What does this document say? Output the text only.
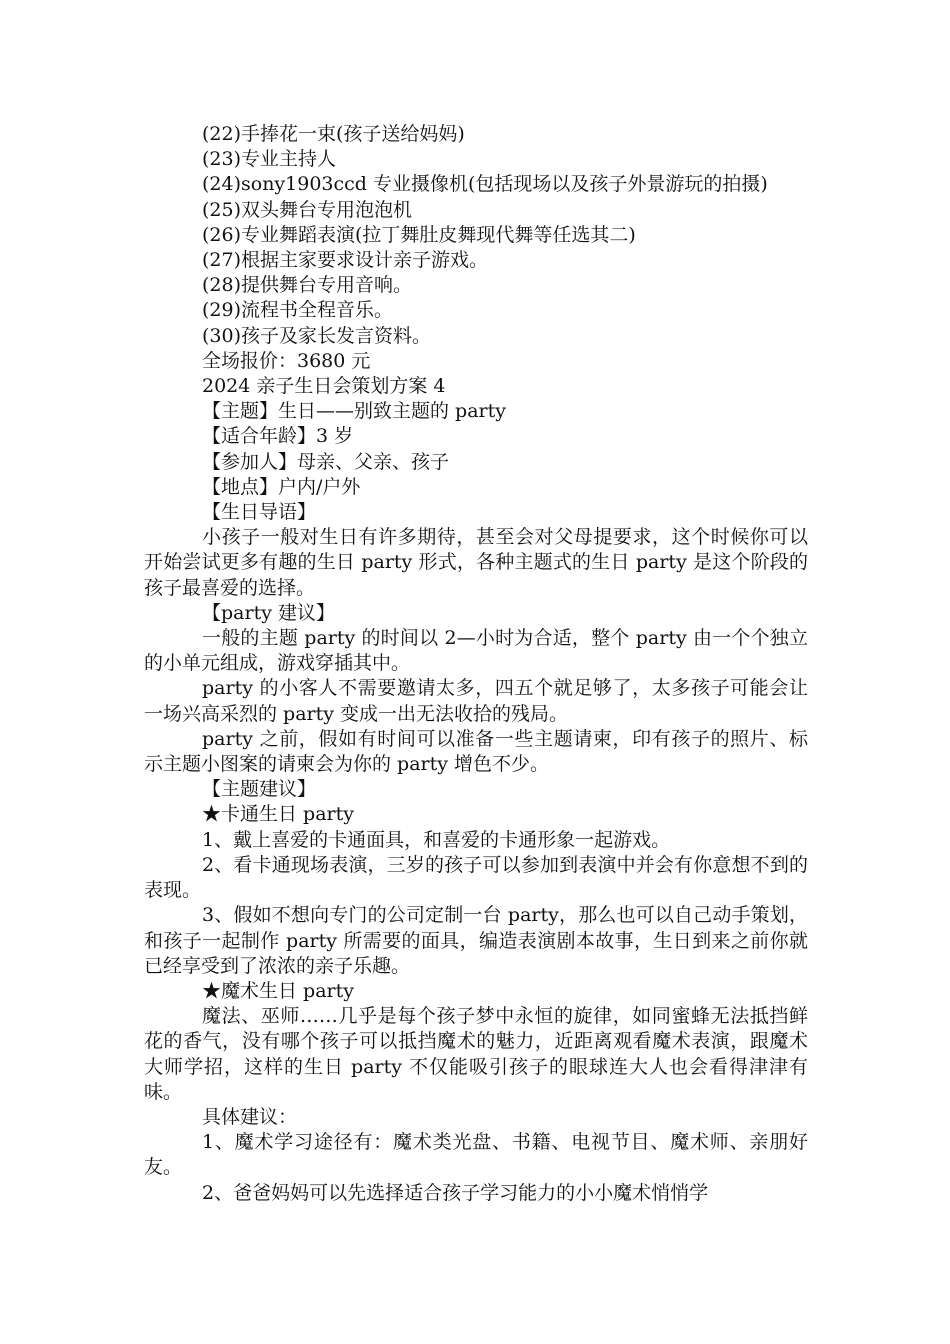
(22)手捧花一束(孩子送给妈妈)

(23)专业主持人

(24)sony1903ccd 专业摄像机(包括现场以及孩子外景游玩的拍摄)

(25)双头舞台专用泡泡机

(26)专业舞蹈表演(拉丁舞肚皮舞现代舞等任选其二)

(27)根据主家要求设计亲子游戏。

(28)提供舞台专用音响。

(29)流程书全程音乐。

(30)孩子及家长发言资料。

全场报价：3680 元

2024 亲子生日会策划方案 4

【主题】生日——别致主题的 party

【适合年龄】3 岁

【参加人】母亲、父亲、孩子

【地点】户内/户外

【生日导语】

小孩子一般对生日有许多期待，甚至会对父母提要求，这个时候你可以开始尝试更多有趣的生日 party 形式，各种主题式的生日 party 是这个阶段的孩子最喜爱的选择。

【party 建议】

一般的主题 party 的时间以 2—小时为合适，整个 party 由一个个独立的小单元组成，游戏穿插其中。

party 的小客人不需要邀请太多，四五个就足够了，太多孩子可能会让一场兴高采烈的 party 变成一出无法收拾的残局。

party 之前，假如有时间可以准备一些主题请柬，印有孩子的照片、标示主题小图案的请柬会为你的 party 增色不少。

【主题建议】

★卡通生日 party

1、戴上喜爱的卡通面具，和喜爱的卡通形象一起游戏。

2、看卡通现场表演，三岁的孩子可以参加到表演中并会有你意想不到的表现。

3、假如不想向专门的公司定制一台 party，那么也可以自己动手策划，和孩子一起制作 party 所需要的面具，编造表演剧本故事，生日到来之前你就已经享受到了浓浓的亲子乐趣。

★魔术生日 party

魔法、巫师……几乎是每个孩子梦中永恒的旋律，如同蜜蜂无法抵挡鲜花的香气，没有哪个孩子可以抵挡魔术的魅力，近距离观看魔术表演，跟魔术大师学招，这样的生日 party 不仅能吸引孩子的眼球连大人也会看得津津有味。

具体建议：

1、魔术学习途径有：魔术类光盘、书籍、电视节目、魔术师、亲朋好友。

2、爸爸妈妈可以先选择适合孩子学习能力的小小魔术悄悄学
